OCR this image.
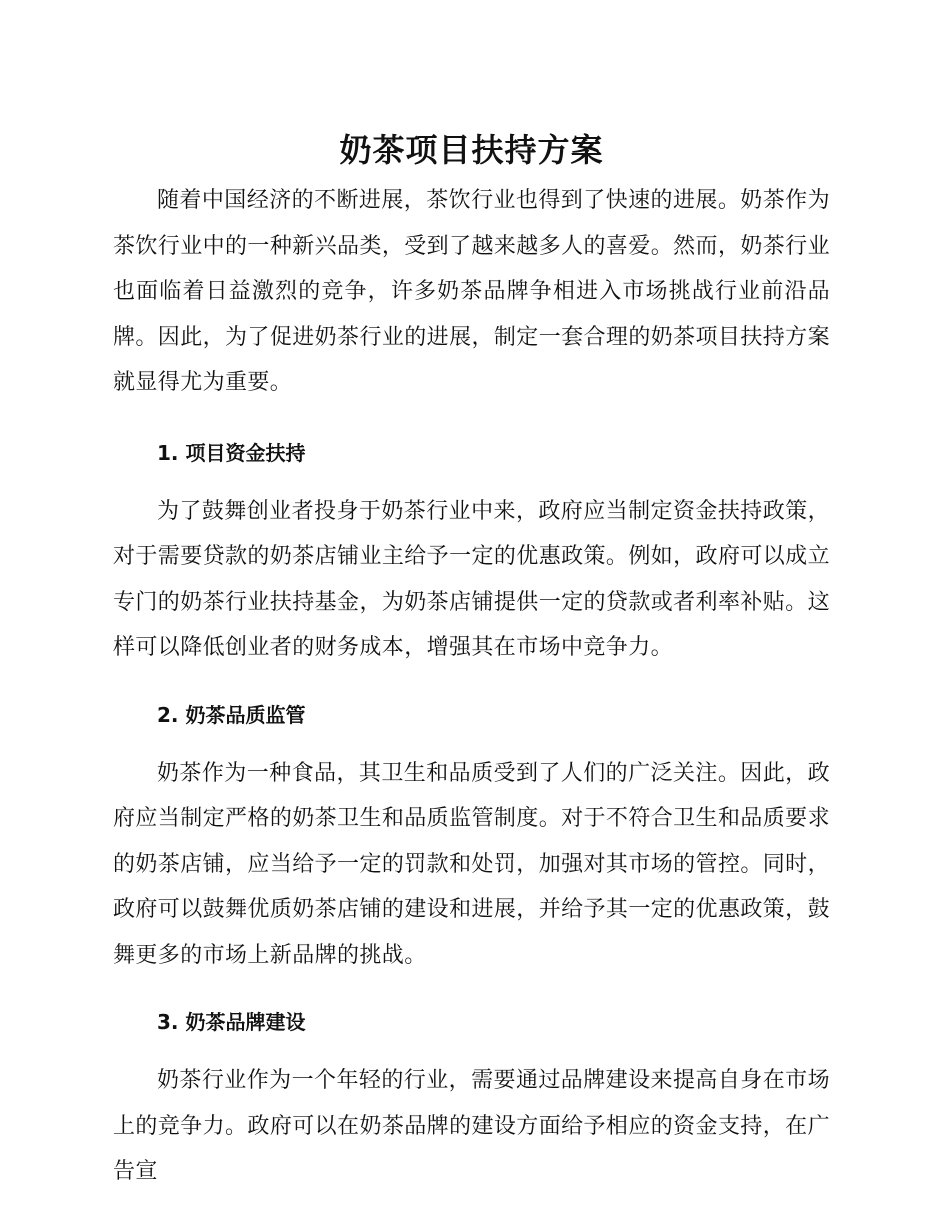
奶茶项目扶持方案

随着中国经济的不断进展，茶饮行业也得到了快速的进展。奶茶作为茶饮行业中的一种新兴品类，受到了越来越多人的喜爱。然而，奶茶行业也面临着日益激烈的竞争，许多奶茶品牌争相进入市场挑战行业前沿品牌。因此，为了促进奶茶行业的进展，制定一套合理的奶茶项目扶持方案就显得尤为重要。

1. 项目资金扶持

为了鼓舞创业者投身于奶茶行业中来，政府应当制定资金扶持政策，对于需要贷款的奶茶店铺业主给予一定的优惠政策。例如，政府可以成立专门的奶茶行业扶持基金，为奶茶店铺提供一定的贷款或者利率补贴。这样可以降低创业者的财务成本，增强其在市场中竞争力。

2. 奶茶品质监管

奶茶作为一种食品，其卫生和品质受到了人们的广泛关注。因此，政府应当制定严格的奶茶卫生和品质监管制度。对于不符合卫生和品质要求的奶茶店铺，应当给予一定的罚款和处罚，加强对其市场的管控。同时，政府可以鼓舞优质奶茶店铺的建设和进展，并给予其一定的优惠政策，鼓舞更多的市场上新品牌的挑战。

3. 奶茶品牌建设

奶茶行业作为一个年轻的行业，需要通过品牌建设来提高自身在市场上的竞争力。政府可以在奶茶品牌的建设方面给予相应的资金支持，在广告宣
